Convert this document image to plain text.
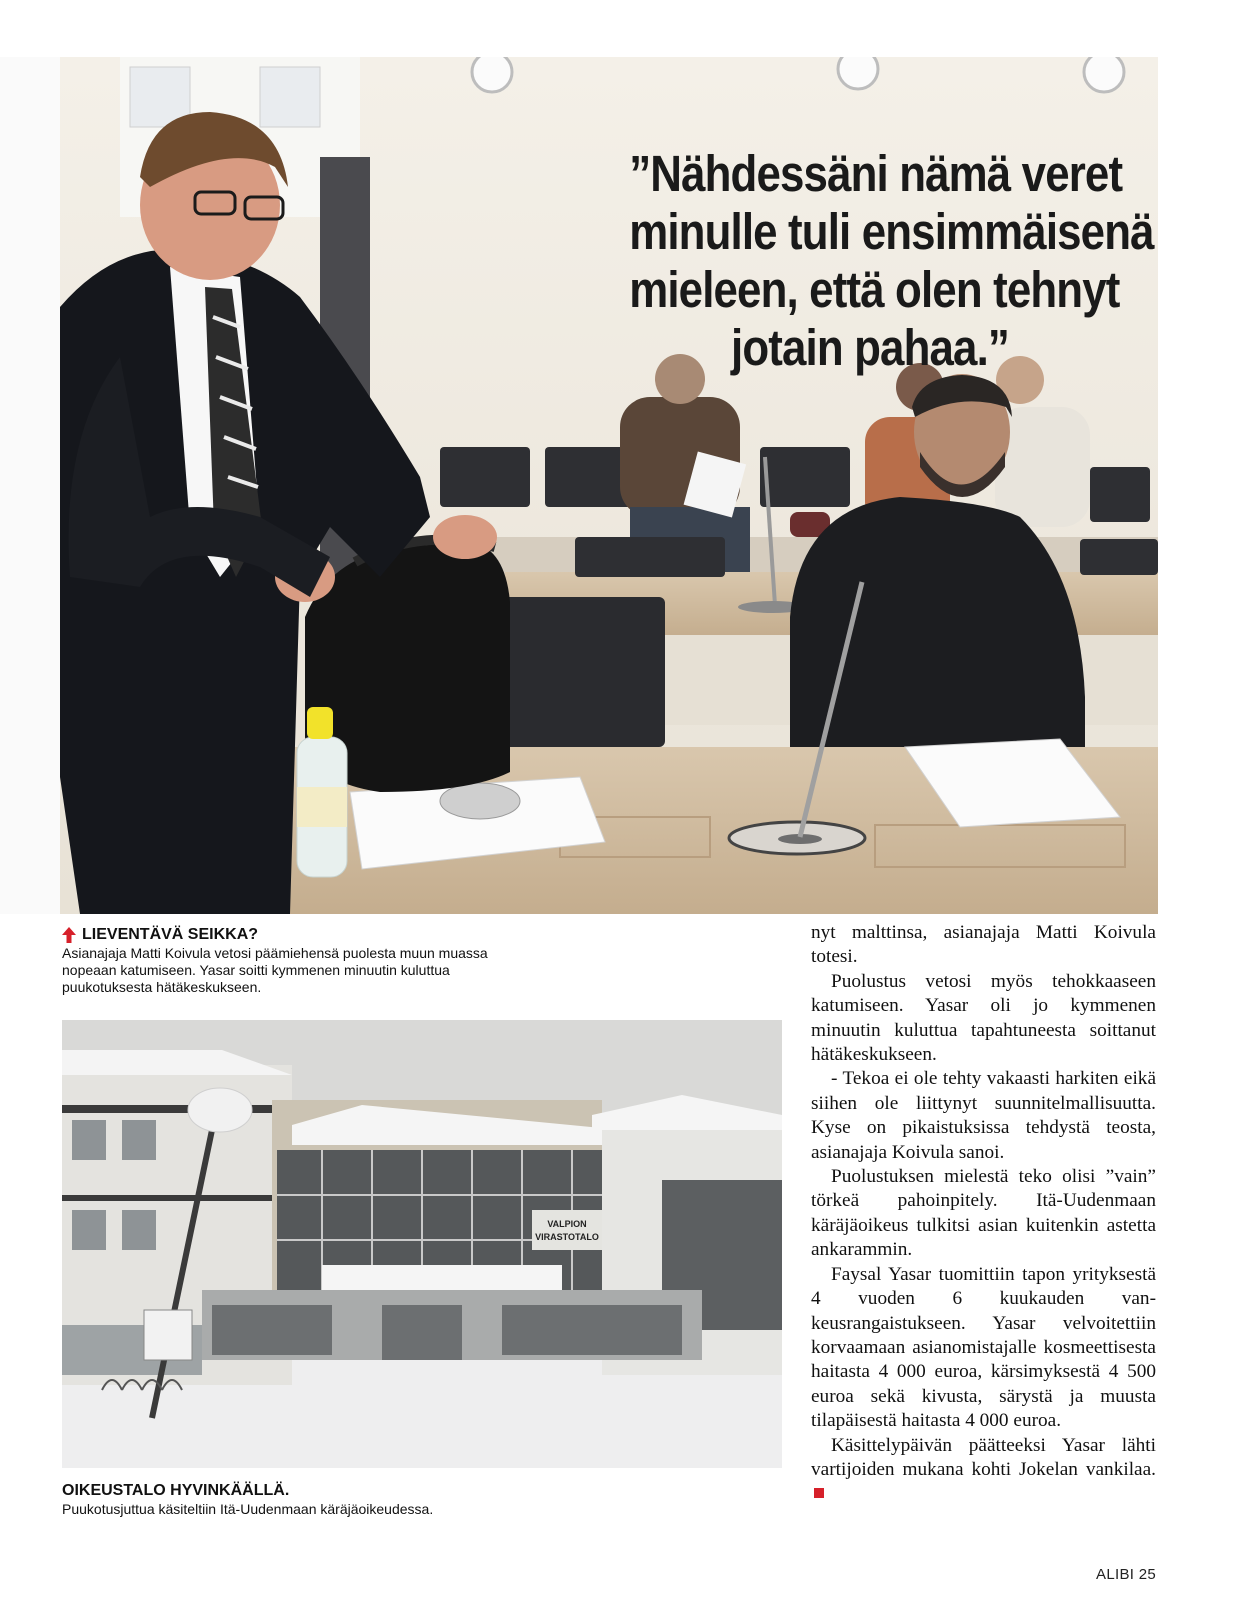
”Nähdessäni nämä veret
minulle tuli ensimmäisenä
mieleen, että olen tehnyt
jotain pahaa.”
LIEVENTÄVÄ SEIKKA?
Asianajaja Matti Koivula vetosi päämiehensä puolesta muun muassa nopeaan katumiseen. Yasar soitti kymmenen minuutin kuluttua puukotuksesta hätäkeskukseen.
VALPION
VIRASTOTALO
OIKEUSTALO HYVINKÄÄLLÄ.
Puukotusjuttua käsiteltiin Itä-Uudenmaan käräjäoikeudessa.

nyt malttinsa, asianajaja Matti Koivula totesi.

Puolustus vetosi myös tehokkaaseen katumiseen. Yasar oli jo kymmenen minuutin kuluttua tapahtuneesta soittanut hätäkeskukseen.

- Tekoa ei ole tehty vakaasti harkiten eikä siihen ole liittynyt suunnitelmallisuutta. Kyse on pikaistuksissa tehdystä teosta, asianajaja Koivula sanoi.

Puolustuksen mielestä teko olisi ”vain” törkeä pahoinpitely. Itä-Uudenmaan käräjäoikeus tulkitsi asian kuitenkin astetta ankarammin.

Faysal Yasar tuomittiin tapon yrityksestä 4 vuoden 6 kuukauden vankeusrangaistukseen. Yasar velvoitettiin korvaamaan asianomistajalle kosmeettisesta haitasta 4 000 euroa, kärsimyksestä 4 500 euroa sekä kivusta, särystä ja muusta tilapäisestä haitasta 4 000 euroa.

Käsittelypäivän päätteeksi Yasar lähti vartijoiden mukana kohti Jokelan vankilaa.

ALIBI 25
